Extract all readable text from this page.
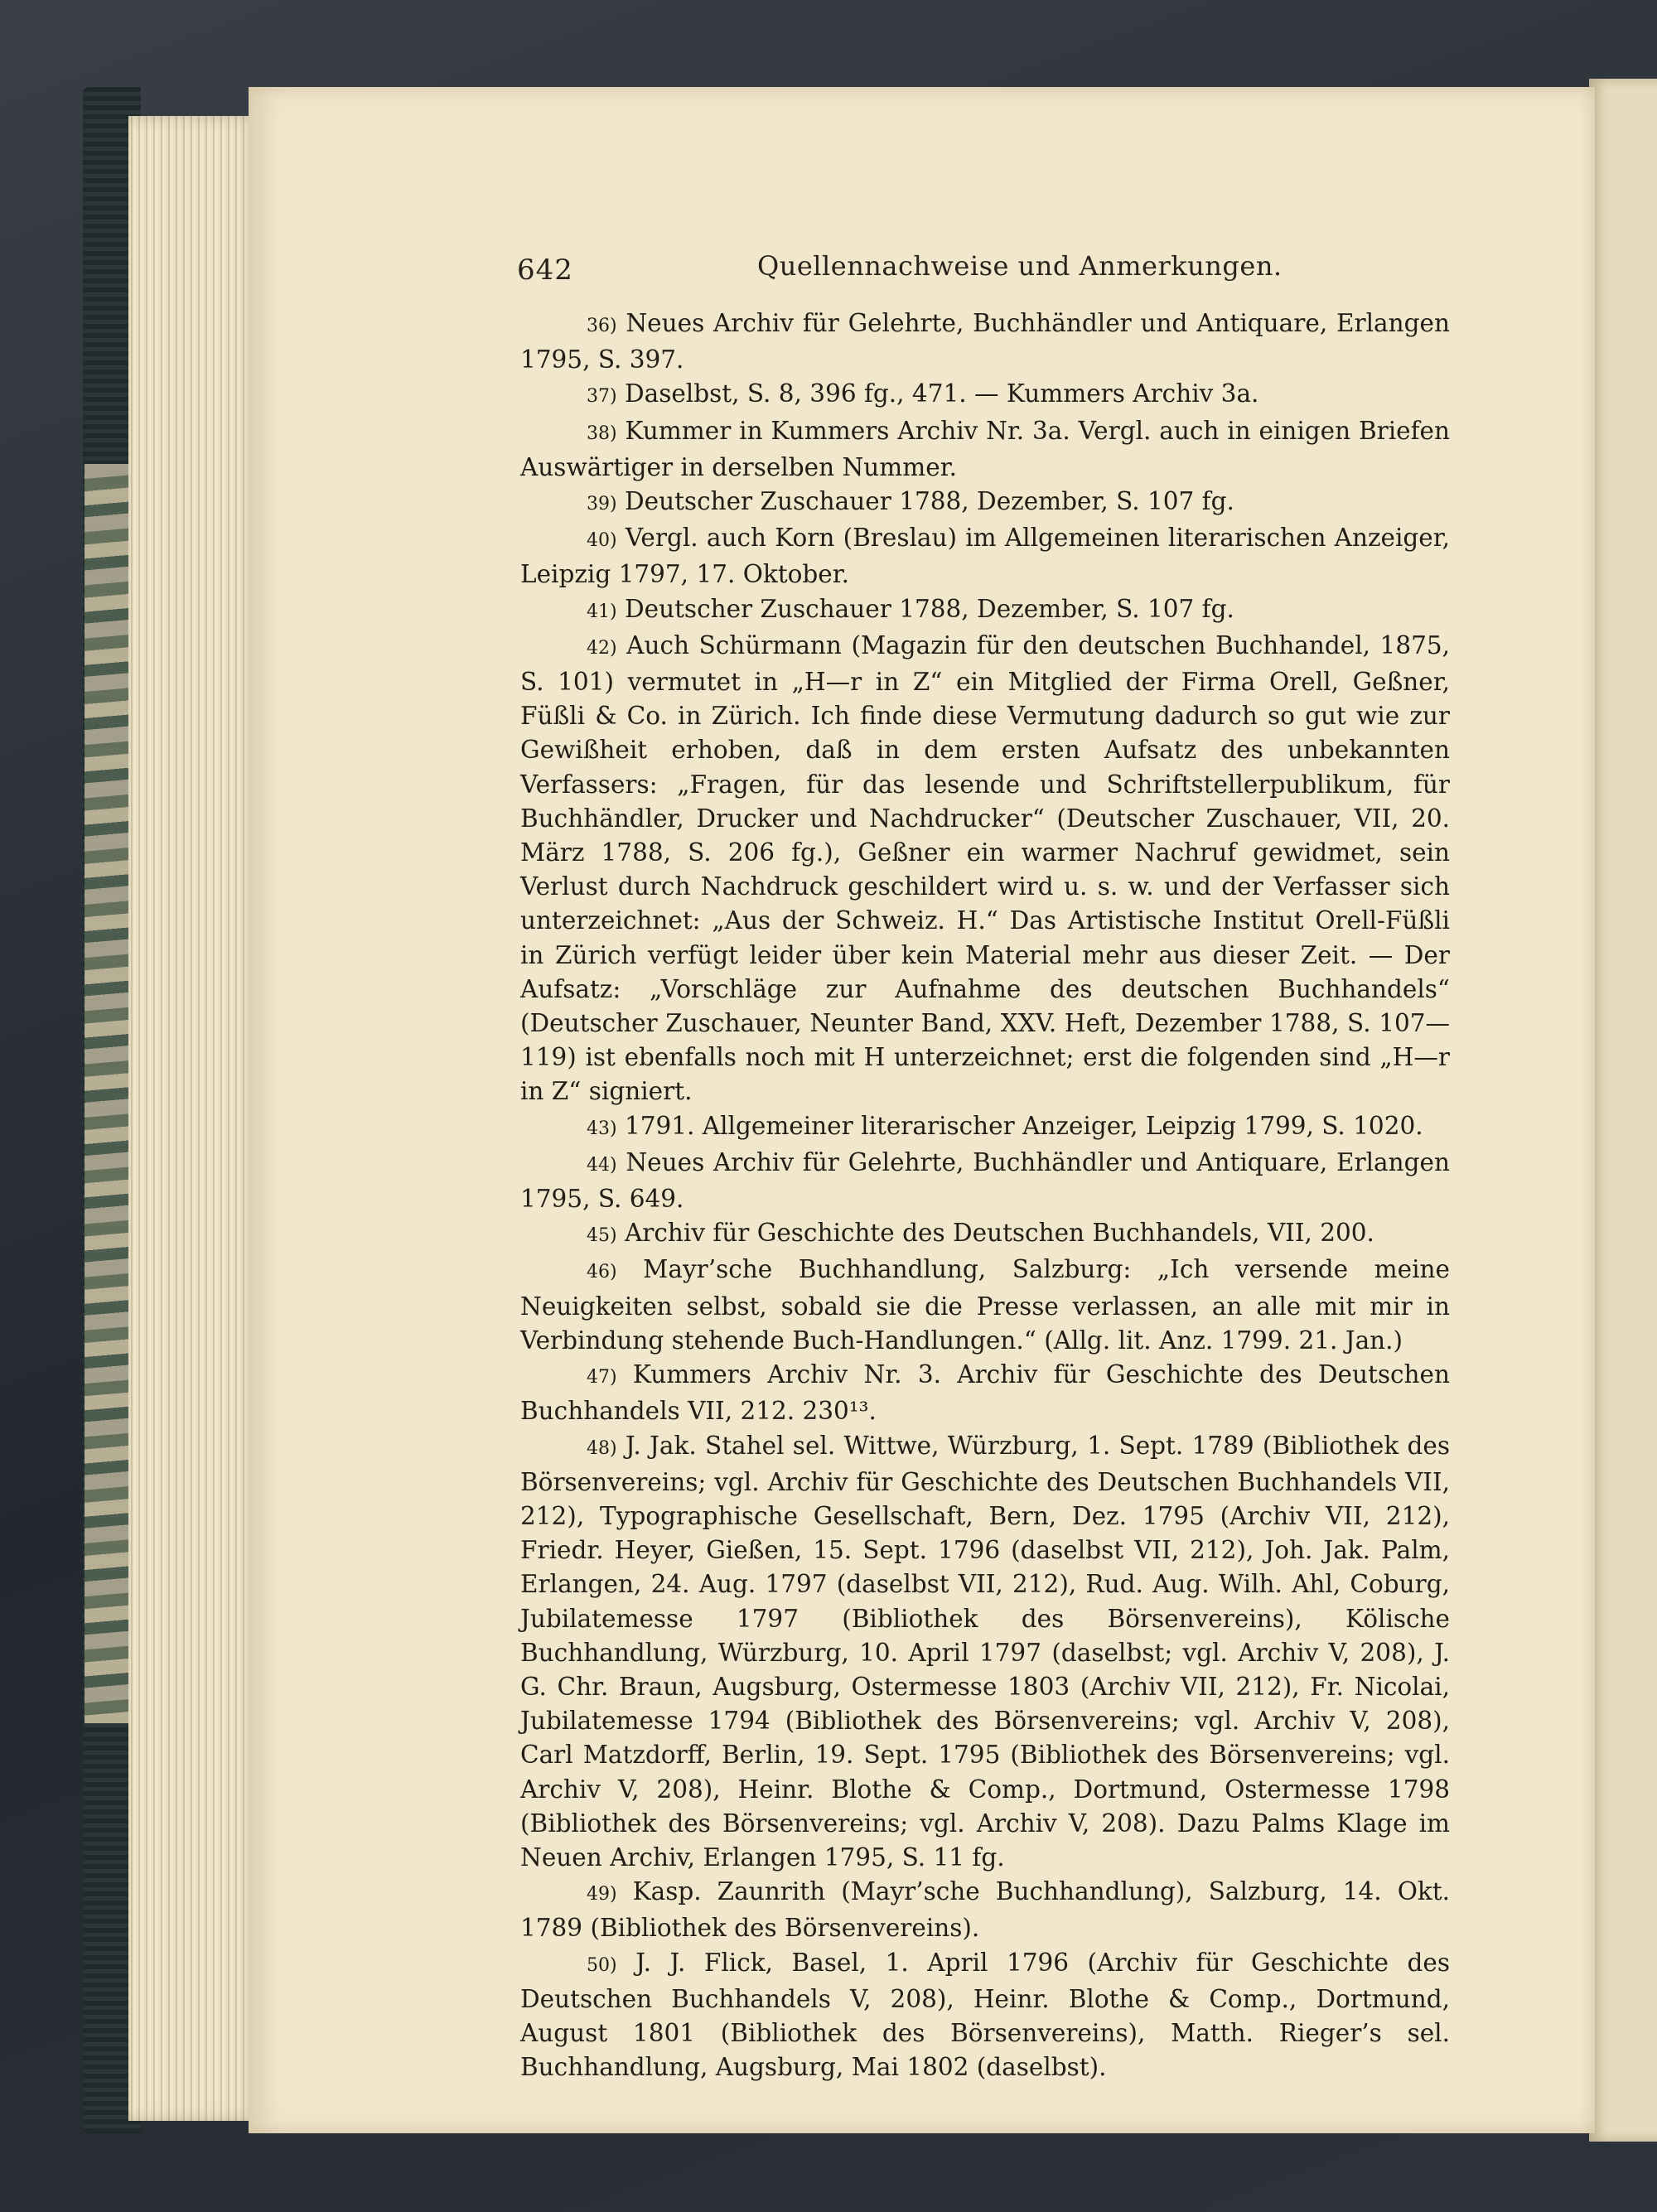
642	Quellennachweise und Anmerkungen.

36) Neues Archiv für Gelehrte, Buchhändler und Antiquare, Erlangen 1795, S. 397.

37) Daselbst, S. 8, 396 fg., 471. — Kummers Archiv 3a.

38) Kummer in Kummers Archiv Nr. 3a. Vergl. auch in einigen Briefen Auswärtiger in derselben Nummer.

39) Deutscher Zuschauer 1788, Dezember, S. 107 fg.

40) Vergl. auch Korn (Breslau) im Allgemeinen literarischen Anzeiger, Leipzig 1797, 17. Oktober.

41) Deutscher Zuschauer 1788, Dezember, S. 107 fg.

42) Auch Schürmann (Magazin für den deutschen Buchhandel, 1875, S. 101) vermutet in „H—r in Z“ ein Mitglied der Firma Orell, Geßner, Füßli & Co. in Zürich. Ich finde diese Vermutung dadurch so gut wie zur Gewißheit erhoben, daß in dem ersten Aufsatz des unbekannten Verfassers: „Fragen, für das lesende und Schriftstellerpublikum, für Buchhändler, Drucker und Nachdrucker“ (Deutscher Zuschauer, VII, 20. März 1788, S. 206 fg.), Geßner ein warmer Nachruf gewidmet, sein Verlust durch Nachdruck geschildert wird u. s. w. und der Verfasser sich unterzeichnet: „Aus der Schweiz. H.“ Das Artistische Institut Orell-Füßli in Zürich verfügt leider über kein Material mehr aus dieser Zeit. — Der Aufsatz: „Vorschläge zur Aufnahme des deutschen Buchhandels“ (Deutscher Zuschauer, Neunter Band, XXV. Heft, Dezember 1788, S. 107—119) ist ebenfalls noch mit H unterzeichnet; erst die folgenden sind „H—r in Z“ signiert.

43) 1791. Allgemeiner literarischer Anzeiger, Leipzig 1799, S. 1020.

44) Neues Archiv für Gelehrte, Buchhändler und Antiquare, Erlangen 1795, S. 649.

45) Archiv für Geschichte des Deutschen Buchhandels, VII, 200.

46) Mayr’sche Buchhandlung, Salzburg: „Ich versende meine Neuigkeiten selbst, sobald sie die Presse verlassen, an alle mit mir in Verbindung stehende Buch-Handlungen.“ (Allg. lit. Anz. 1799. 21. Jan.)

47) Kummers Archiv Nr. 3. Archiv für Geschichte des Deutschen Buchhandels VII, 212. 230¹³.

48) J. Jak. Stahel sel. Wittwe, Würzburg, 1. Sept. 1789 (Bibliothek des Börsenvereins; vgl. Archiv für Geschichte des Deutschen Buchhandels VII, 212), Typographische Gesellschaft, Bern, Dez. 1795 (Archiv VII, 212), Friedr. Heyer, Gießen, 15. Sept. 1796 (daselbst VII, 212), Joh. Jak. Palm, Erlangen, 24. Aug. 1797 (daselbst VII, 212), Rud. Aug. Wilh. Ahl, Coburg, Jubilatemesse 1797 (Bibliothek des Börsenvereins), Kölische Buchhandlung, Würzburg, 10. April 1797 (daselbst; vgl. Archiv V, 208), J. G. Chr. Braun, Augsburg, Ostermesse 1803 (Archiv VII, 212), Fr. Nicolai, Jubilatemesse 1794 (Bibliothek des Börsenvereins; vgl. Archiv V, 208), Carl Matzdorff, Berlin, 19. Sept. 1795 (Bibliothek des Börsenvereins; vgl. Archiv V, 208), Heinr. Blothe & Comp., Dortmund, Ostermesse 1798 (Bibliothek des Börsenvereins; vgl. Archiv V, 208). Dazu Palms Klage im Neuen Archiv, Erlangen 1795, S. 11 fg.

49) Kasp. Zaunrith (Mayr’sche Buchhandlung), Salzburg, 14. Okt. 1789 (Bibliothek des Börsenvereins).

50) J. J. Flick, Basel, 1. April 1796 (Archiv für Geschichte des Deutschen Buchhandels V, 208), Heinr. Blothe & Comp., Dortmund, August 1801 (Bibliothek des Börsenvereins), Matth. Rieger’s sel. Buchhandlung, Augsburg, Mai 1802 (daselbst).
